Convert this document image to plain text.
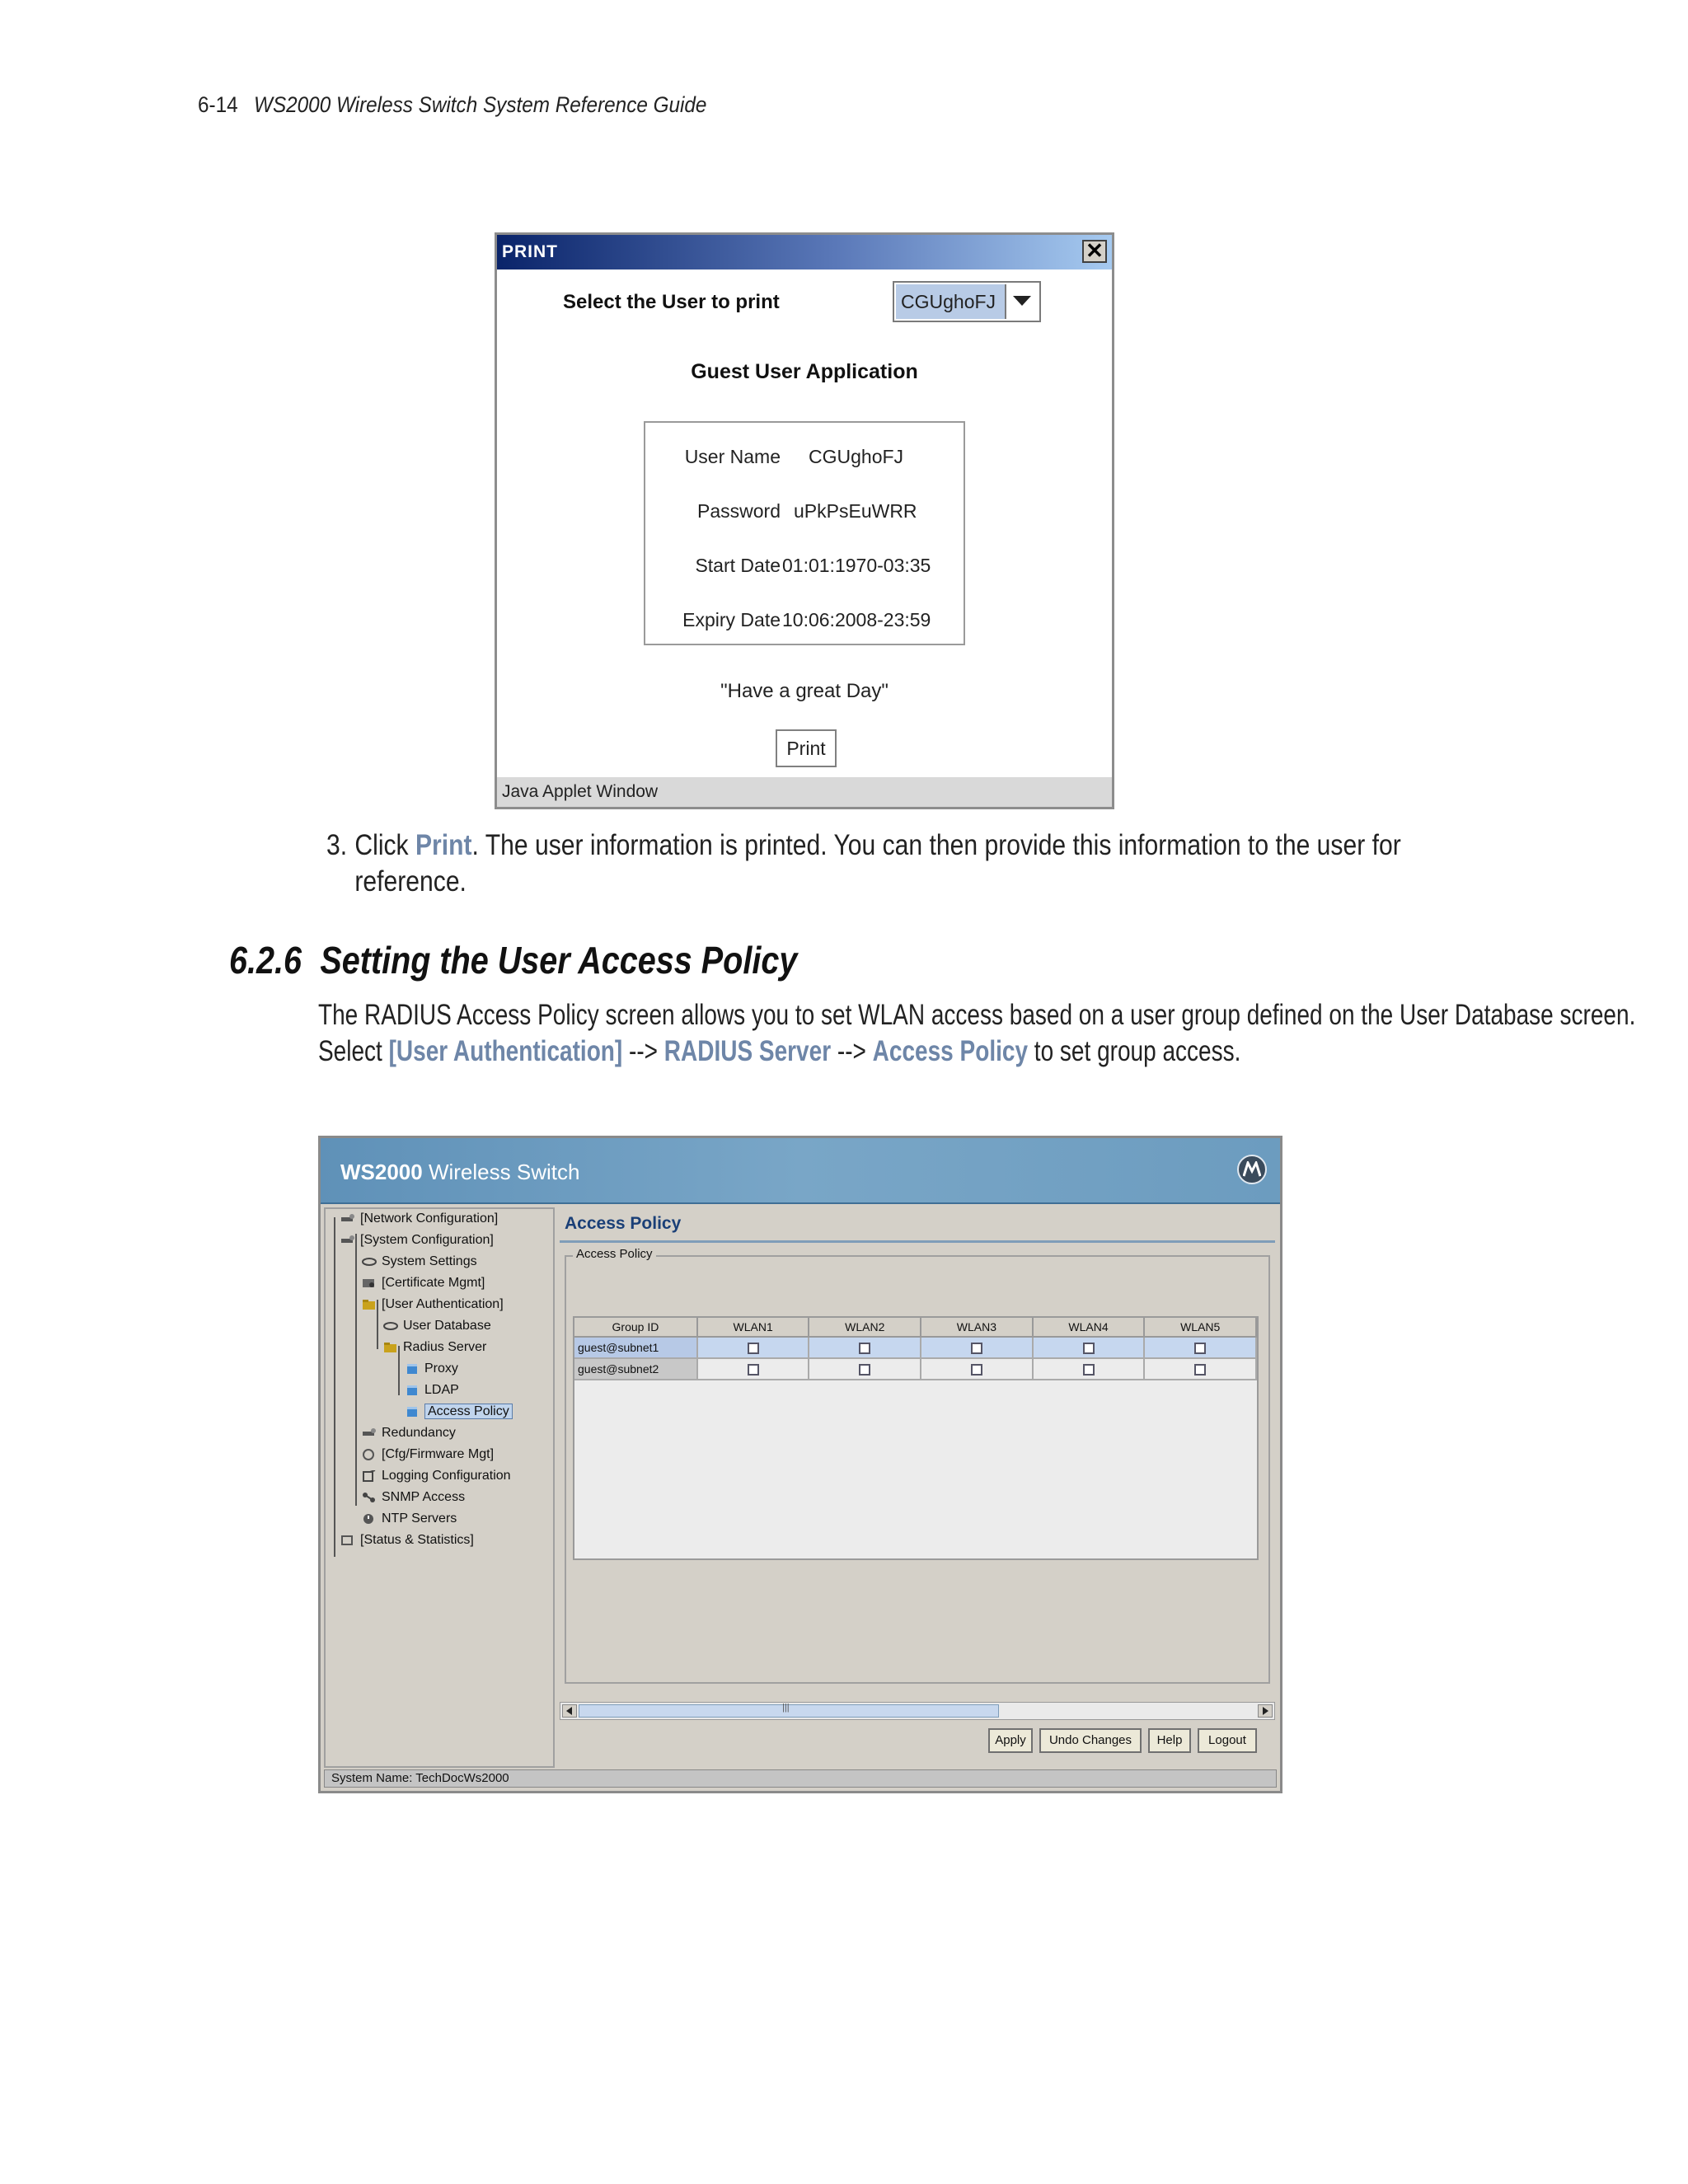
6-14 WS2000 Wireless Switch System Reference Guide
PRINT	✕
Select the User to print	CGUghoFJ
Guest User Application
User Name CGUghoFJ
Password uPkPsEuWRR
Start Date 01:01:1970-03:35
Expiry Date 10:06:2008-23:59
"Have a great Day"
Print
Java Applet Window
3. Click Print. The user information is printed. You can then provide this information to the user for reference.
6.2.6 Setting the User Access Policy
The RADIUS Access Policy screen allows you to set WLAN access based on a user group defined on the User Database screen. Select [User Authentication] --> RADIUS Server --> Access Policy to set group access.
WS2000 Wireless Switch
[Network Configuration]
[System Configuration]
System Settings
[Certificate Mgmt]
[User Authentication]
User Database
Radius Server
Proxy
LDAP
Access Policy
Redundancy
[Cfg/Firmware Mgt]
Logging Configuration
SNMP Access
NTP Servers
[Status & Statistics]
Access Policy
Access Policy
Group ID	WLAN1	WLAN2	WLAN3	WLAN4	WLAN5
guest@subnet1					
guest@subnet2					
|||
Apply	Undo Changes	Help	Logout
System Name: TechDocWs2000
